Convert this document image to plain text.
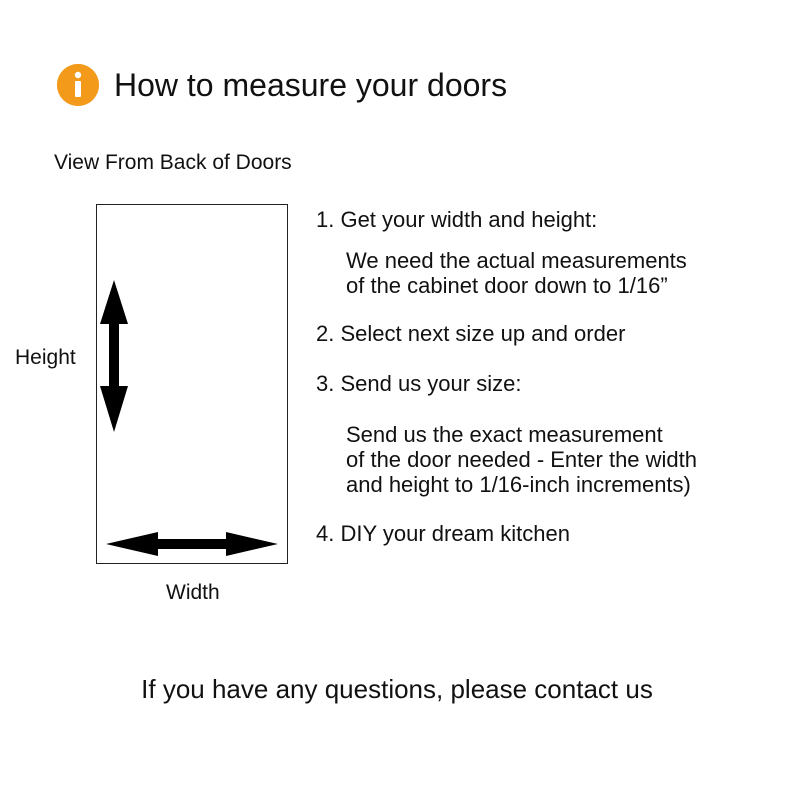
How to measure your doors
View From Back of Doors
Height
Width
1. Get your width and height:
We need the actual measurements
of the cabinet door down to 1/16”
2. Select next size up and order
3. Send us your size:
Send us the exact measurement
of the door needed - Enter the width
and height to 1/16-inch increments)
4. DIY your dream kitchen
If you have any questions, please contact us
